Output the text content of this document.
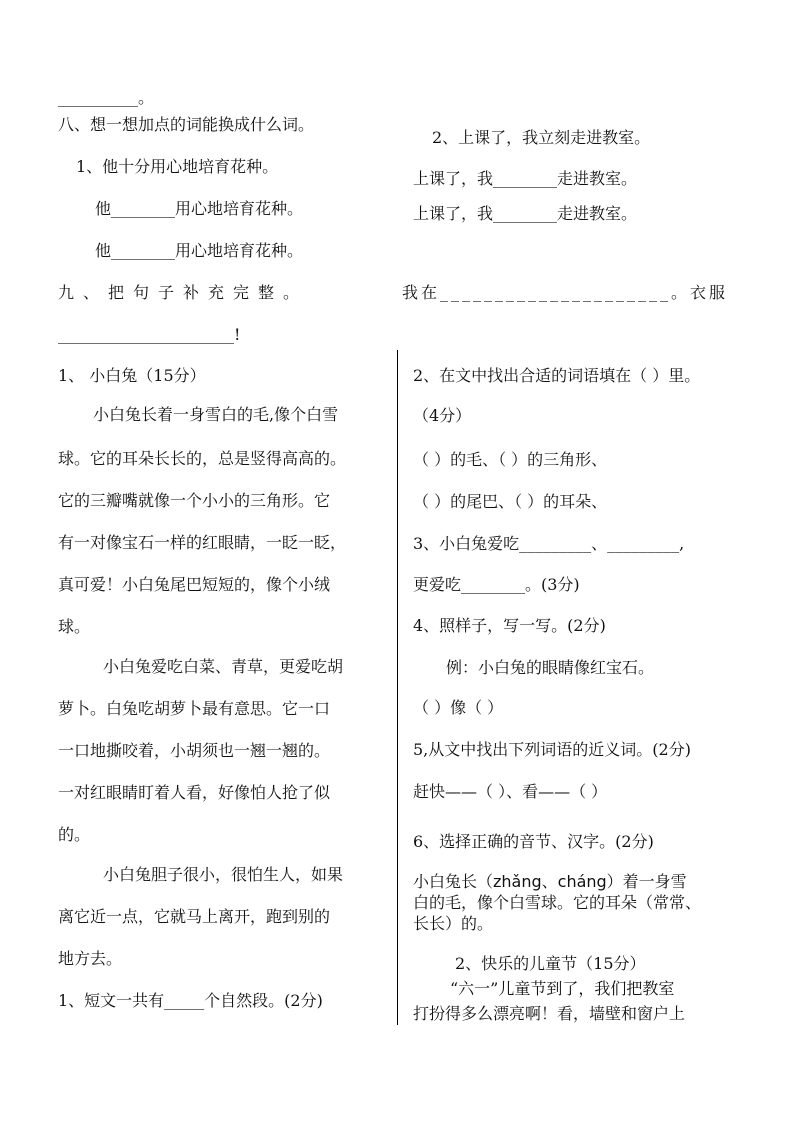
__________。
八、想一想加点的词能换成什么词。
1、他十分用心地培育花种。
他________用心地培育花种。
他________用心地培育花种。
2、上课了，我立刻走进教室。
上课了，我________走进教室。
上课了，我________走进教室。
九、把句子补充完整。	我在_____________________。衣服
______________________!
1、 小白兔（15分）
小白兔长着一身雪白的毛,像个白雪
球。它的耳朵长长的，总是竖得高高的。
它的三瓣嘴就像一个小小的三角形。它
有一对像宝石一样的红眼睛，一眨一眨，
真可爱！小白兔尾巴短短的，像个小绒
球。
小白兔爱吃白菜、青草，更爱吃胡
萝卜。白兔吃胡萝卜最有意思。它一口
一口地撕咬着，小胡须也一翘一翘的。
一对红眼睛盯着人看，好像怕人抢了似
的。
小白兔胆子很小，很怕生人，如果
离它近一点，它就马上离开，跑到别的
地方去。
1、短文一共有_____个自然段。(2分)
2、在文中找出合适的词语填在（ ）里。
（4分）
（ ）的毛、（ ）的三角形、
（ ）的尾巴、（ ）的耳朵、
3、小白兔爱吃_________、_________,
更爱吃________。(3分)
4、照样子，写一写。(2分)
例：小白兔的眼睛像红宝石。
（ ）像（ ）
5,从文中找出下列词语的近义词。(2分)
赶快——（ ）、看——（ ）
6、选择正确的音节、汉字。(2分)
小白兔长（zhǎng、cháng）着一身雪
白的毛，像个白雪球。它的耳朵（常常、
长长）的。
2、快乐的儿童节（15分）
“六一”儿童节到了，我们把教室
打扮得多么漂亮啊！看，墙壁和窗户上
